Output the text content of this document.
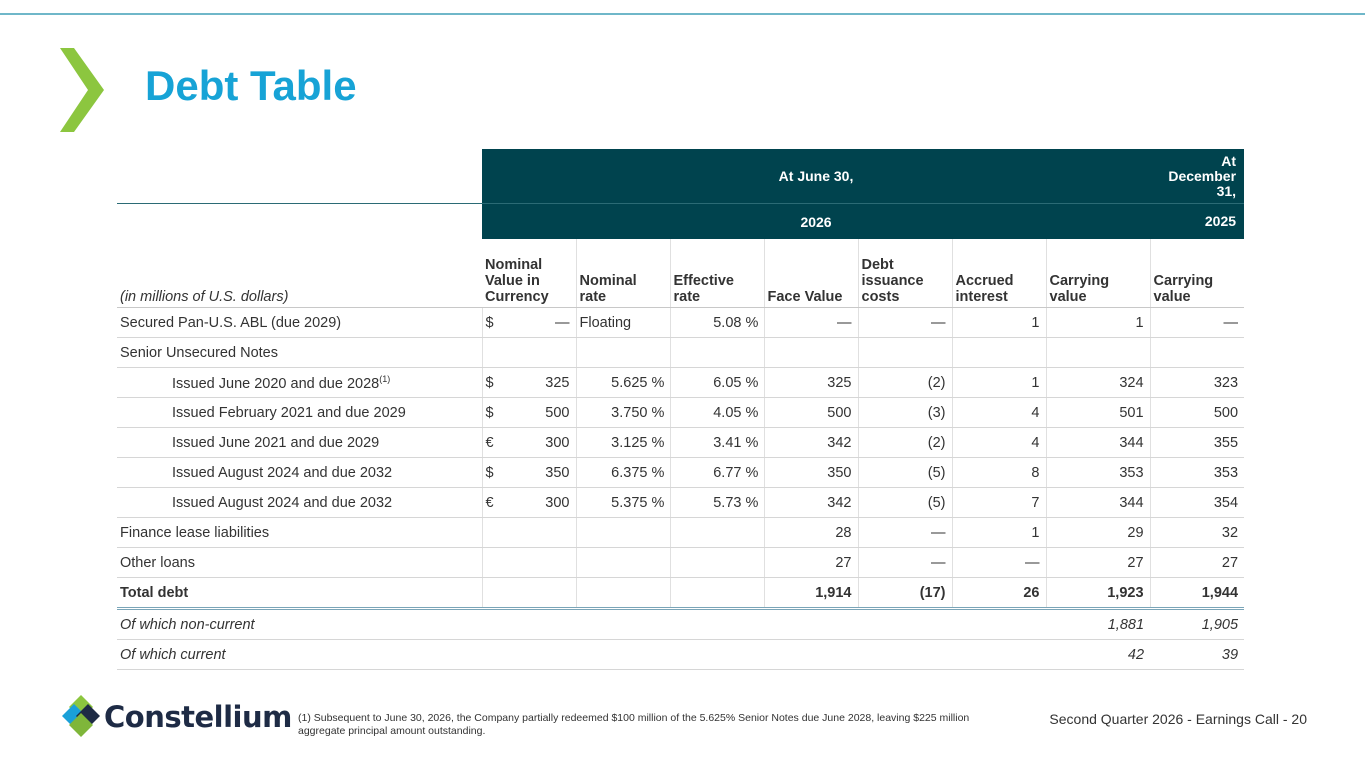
Debt Table
	At June 30,							At December 31,
	2026							2025
(in millions of U.S. dollars)	Nominal Value in Currency	Nominal rate	Effective rate	Face Value	Debt issuance costs	Accrued interest	Carrying value	Carrying value
Secured Pan-U.S. ABL (due 2029)	$ —	Floating	5.08 %	—	—	1	1	—
Senior Unsecured Notes	

Issued June 2020 and due 2028$^{(1)}$	$ 325	5.625 %	6.05 %	325	(2)	1	324	323
Issued February 2021 and due 2029	$ 500	3.750 %	4.05 %	500	(3)	4	501	500
Issued June 2021 and due 2029	€ 300	3.125 %	3.41 %	342	(2)	4	344	355
Issued August 2024 and due 2032	$ 350	6.375 %	6.77 %	350	(5)	8	353	353
Issued August 2024 and due 2032	€ 300	5.375 %	5.73 %	342	(5)	7	344	354
Finance lease liabilities				28	—	1	29	32
Other loans				27	—	—	27	27
Total debt				1,914	(17)	26	1,923	1,944
Of which non-current							1,881	1,905
Of which current							42	39
Constellium (1) Subsequent to June 30, 2026, the Company partially redeemed $100 million of the 5.625% Senior Notes due June 2028, leaving $225 million aggregate principal amount outstanding.
Second Quarter 2026 - Earnings Call - 20
